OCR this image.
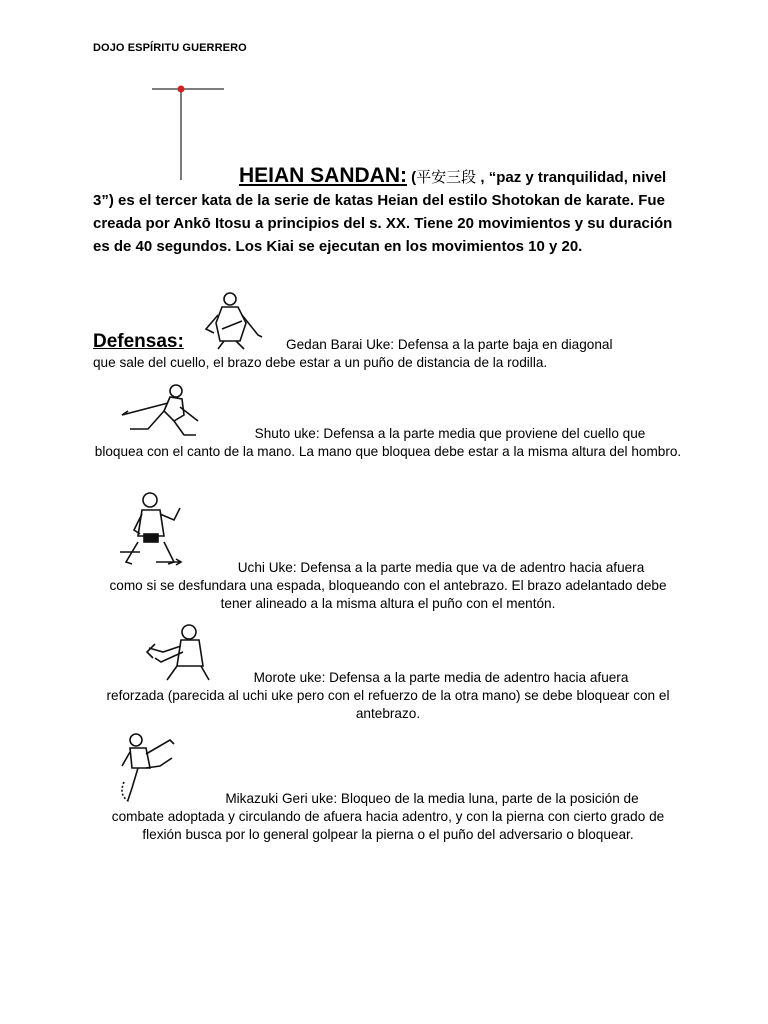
DOJO ESPÍRITU GUERRERO
HEIAN SANDAN: (平安三段 , “paz y tranquilidad, nivel 3”) es el tercer kata de la serie de katas Heian del estilo Shotokan de karate. Fue creada por Ankō Itosu a principios del s. XX. Tiene 20 movimientos y su duración es de 40 segundos. Los Kiai se ejecutan en los movimientos 10 y 20.
Defensas:	Gedan Barai Uke: Defensa a la parte baja en diagonal
que sale del cuello, el brazo debe estar a un puño de distancia de la rodilla.
Shuto uke: Defensa a la parte media que proviene del cuello que
bloquea con el canto de la mano. La mano que bloquea debe estar a la misma altura del hombro.
Uchi Uke: Defensa a la parte media que va de adentro hacia afuera
como si se desfundara una espada, bloqueando con el antebrazo. El brazo adelantado debe tener alineado a la misma altura el puño con el mentón.
Morote uke: Defensa a la parte media de adentro hacia afuera
reforzada (parecida al uchi uke pero con el refuerzo de la otra mano) se debe bloquear con el antebrazo.
Mikazuki Geri uke: Bloqueo de la media luna, parte de la posición de
combate adoptada y circulando de afuera hacia adentro, y con la pierna con cierto grado de flexión busca por lo general golpear la pierna o el puño del adversario o bloquear.
